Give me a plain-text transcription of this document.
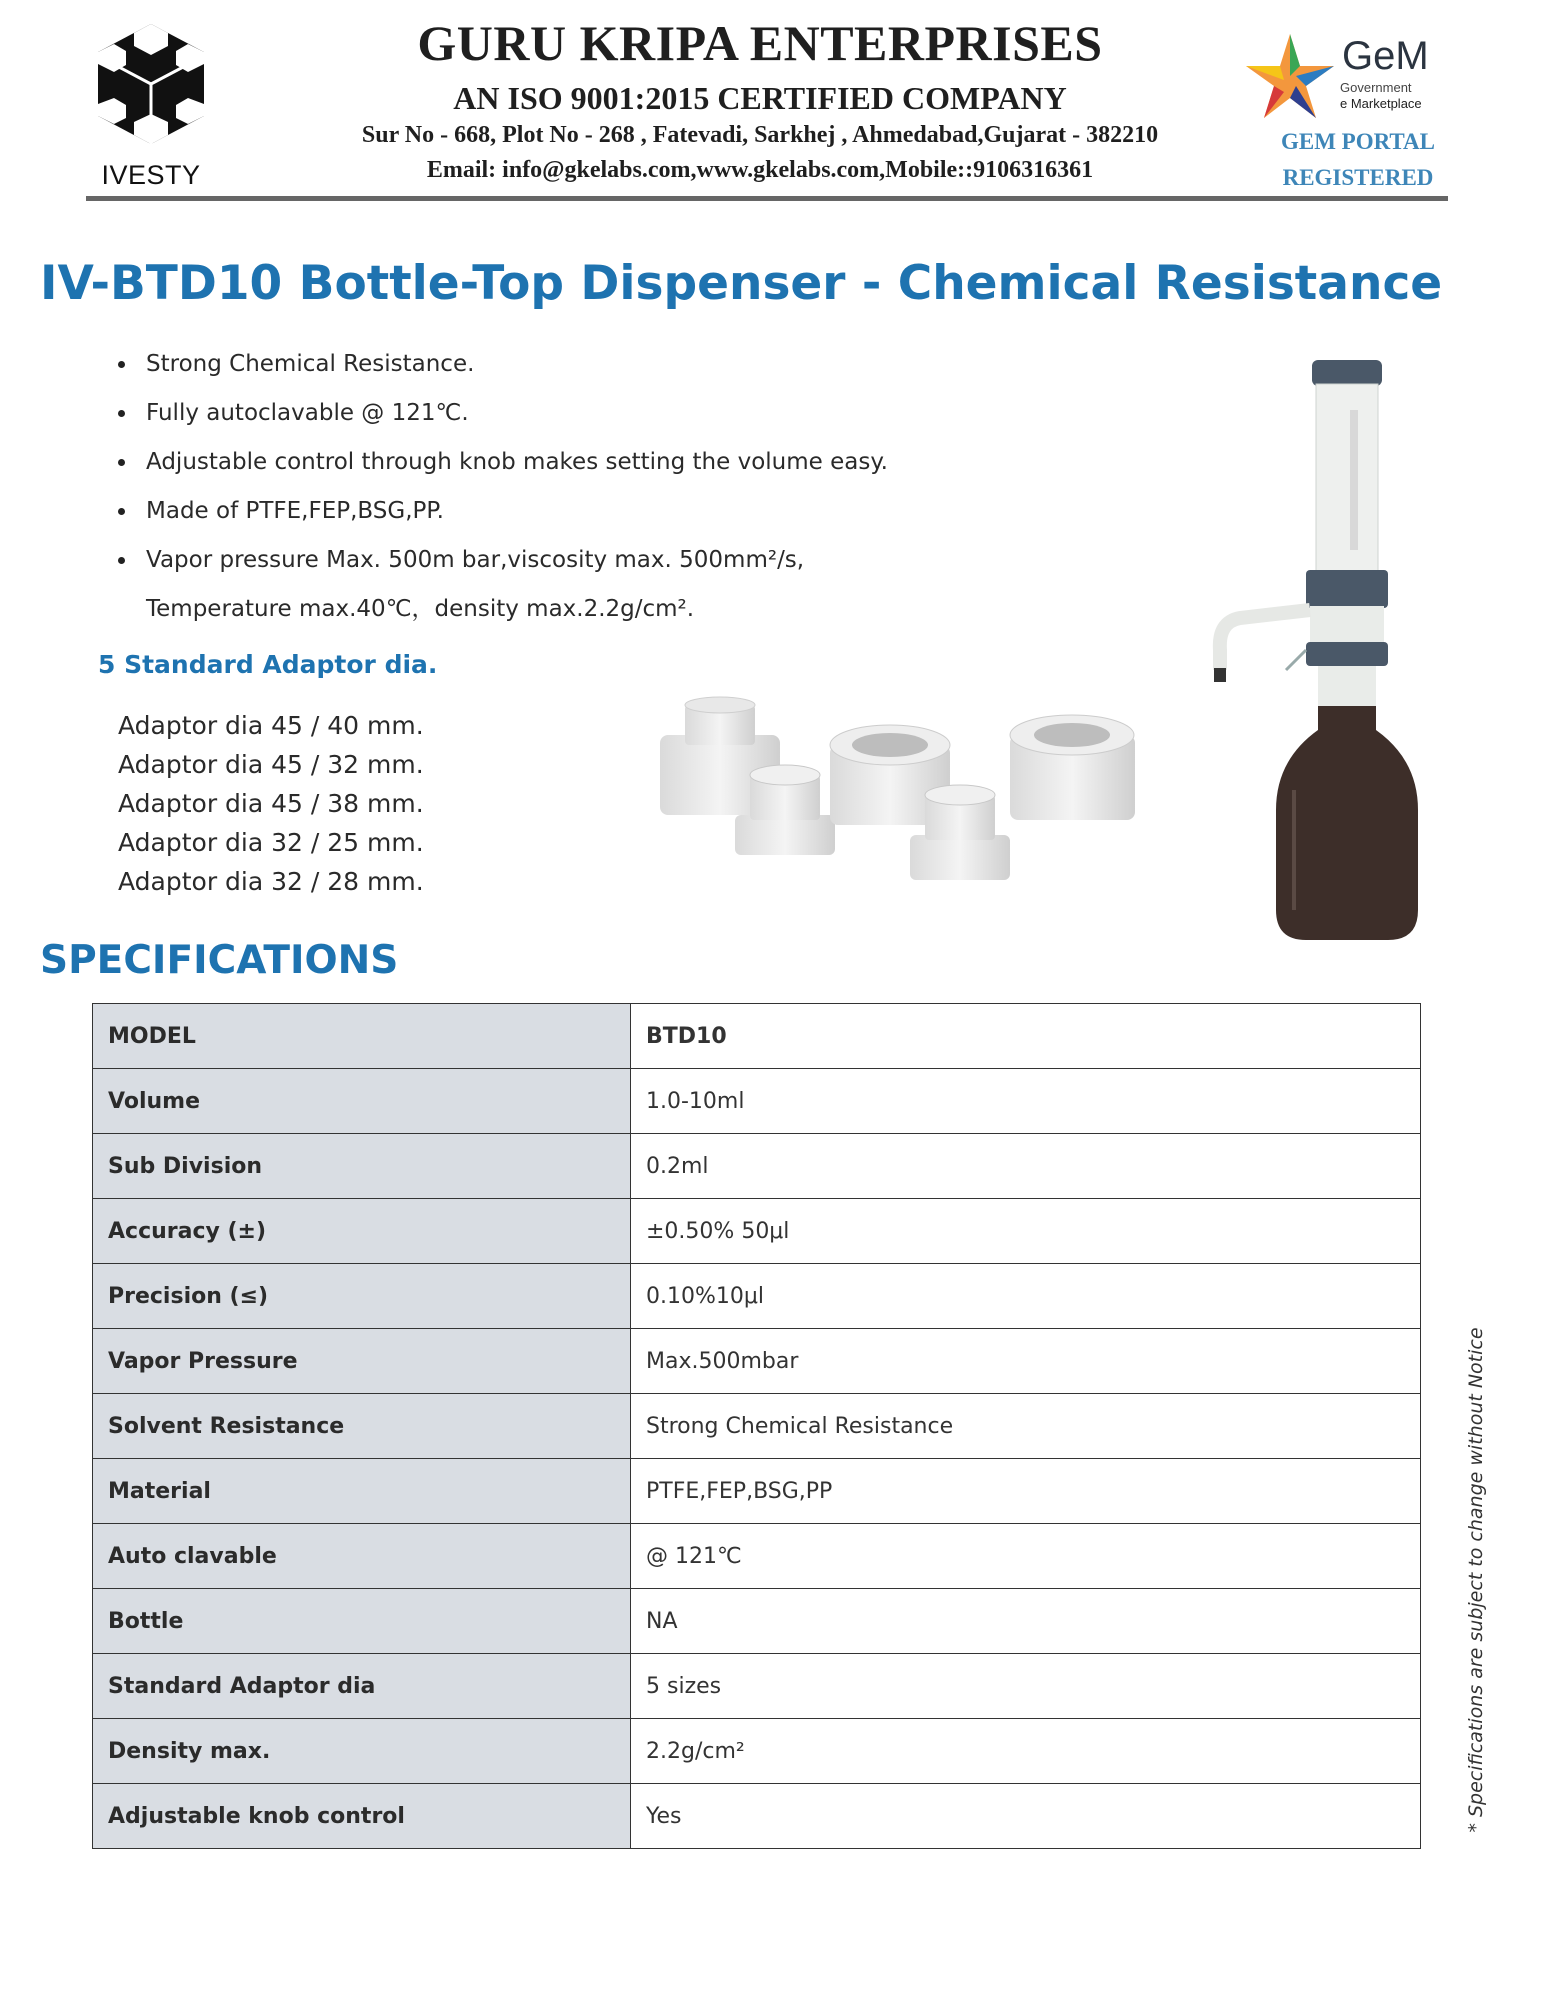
IVESTY
GURU KRIPA ENTERPRISES
AN ISO 9001:2015 CERTIFIED COMPANY
Sur No - 668, Plot No - 268 , Fatevadi, Sarkhej , Ahmedabad,Gujarat - 382210
Email: info@gkelabs.com,www.gkelabs.com,Mobile::9106316361
GeM
Government
e Marketplace
GEM PORTAL
REGISTERED
IV-BTD10 Bottle-Top Dispenser - Chemical Resistance
Strong Chemical Resistance.
Fully autoclavable @ 121℃.
Adjustable control through knob makes setting the volume easy.
Made of PTFE,FEP,BSG,PP.
Vapor pressure Max. 500m bar,viscosity max. 500mm²/s,
Temperature max.40℃，density max.2.2g/cm².
5 Standard Adaptor dia.
Adaptor dia 45 / 40 mm.
Adaptor dia 45 / 32 mm.
Adaptor dia 45 / 38 mm.
Adaptor dia 32 / 25 mm.
Adaptor dia 32 / 28 mm.
SPECIFICATIONS
MODEL	BTD10
Volume	1.0-10ml
Sub Division	0.2ml
Accuracy (±)	±0.50% 50μl
Precision (≤)	0.10%10μl
Vapor Pressure	Max.500mbar
Solvent Resistance	Strong Chemical Resistance
Material	PTFE,FEP,BSG,PP
Auto clavable	@ 121℃
Bottle	NA
Standard Adaptor dia	5 sizes
Density max.	2.2g/cm²
Adjustable knob control	Yes	* Specifications are subject to change without Notice
